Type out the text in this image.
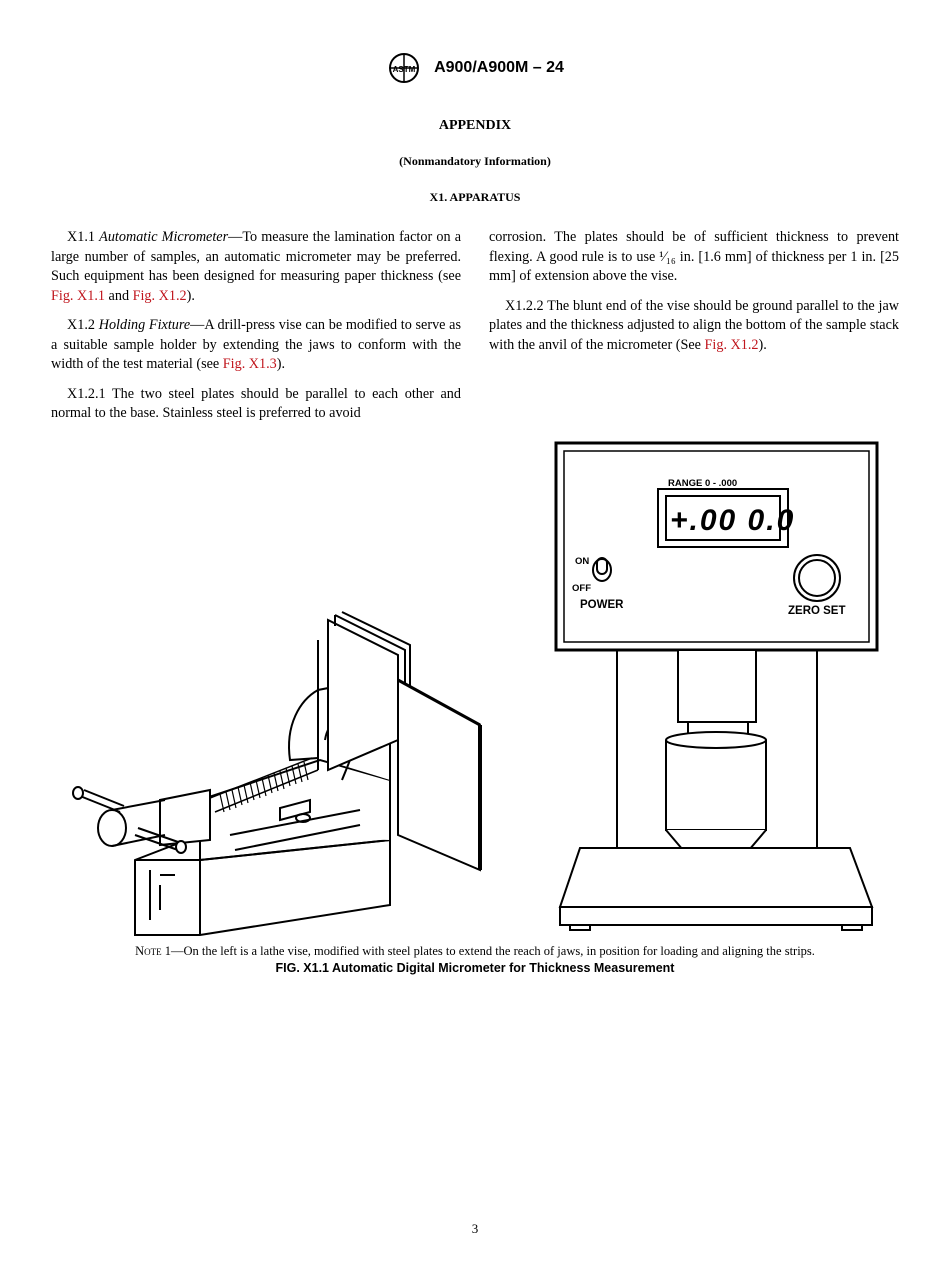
ASTM A900/A900M – 24
APPENDIX
(Nonmandatory Information)
X1. APPARATUS

X1.1 Automatic Micrometer—To measure the lamination factor on a large number of samples, an automatic micrometer may be preferred. Such equipment has been designed for measuring paper thickness (see Fig. X1.1 and Fig. X1.2).

X1.2 Holding Fixture—A drill-press vise can be modified to serve as a suitable sample holder by extending the jaws to conform with the width of the test material (see Fig. X1.3).

X1.2.1 The two steel plates should be parallel to each other and normal to the base. Stainless steel is preferred to avoid

corrosion. The plates should be of sufficient thickness to prevent flexing. A good rule is to use ¹⁄₁₆ in. [1.6 mm] of thickness per 1 in. [25 mm] of extension above the vise.

X1.2.2 The blunt end of the vise should be ground parallel to the jaw plates and the thickness adjusted to align the bottom of the sample stack with the anvil of the micrometer (See Fig. X1.2).

RANGE 0 - .000
+.00 0.0
ON
OFF
POWER	ZERO SET
Note 1—On the left is a lathe vise, modified with steel plates to extend the reach of jaws, in position for loading and aligning the strips.
FIG. X1.1 Automatic Digital Micrometer for Thickness Measurement
3
